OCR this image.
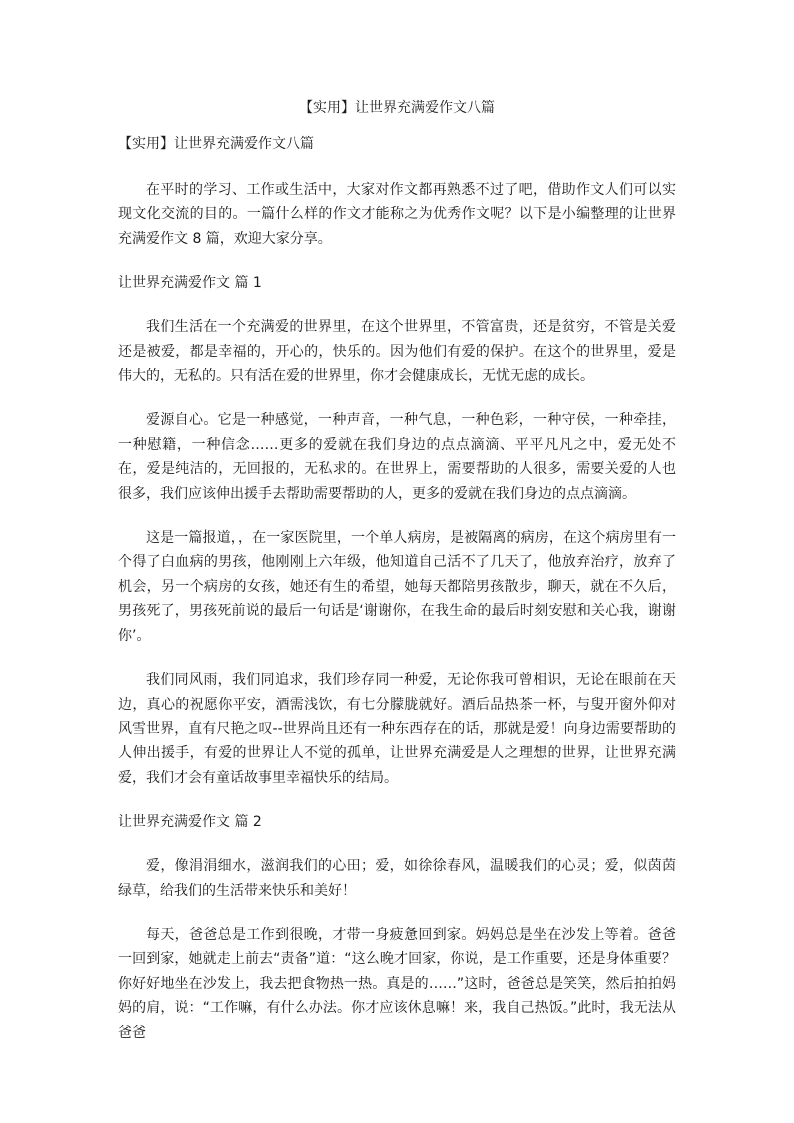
【实用】让世界充满爱作文八篇
【实用】让世界充满爱作文八篇

在平时的学习、工作或生活中，大家对作文都再熟悉不过了吧，借助作文人们可以实现文化交流的目的。一篇什么样的作文才能称之为优秀作文呢？以下是小编整理的让世界充满爱作文 8 篇，欢迎大家分享。

让世界充满爱作文 篇 1

我们生活在一个充满爱的世界里，在这个世界里，不管富贵，还是贫穷，不管是关爱还是被爱，都是幸福的，开心的，快乐的。因为他们有爱的保护。在这个的世界里，爱是伟大的，无私的。只有活在爱的世界里，你才会健康成长，无忧无虑的成长。

爱源自心。它是一种感觉，一种声音，一种气息，一种色彩，一种守侯，一种牵挂，一种慰籍，一种信念……更多的爱就在我们身边的点点滴滴、平平凡凡之中，爱无处不在，爱是纯洁的，无回报的，无私求的。在世界上，需要帮助的人很多，需要关爱的人也很多，我们应该伸出援手去帮助需要帮助的人，更多的爱就在我们身边的点点滴滴。

这是一篇报道，，在一家医院里，一个单人病房，是被隔离的病房，在这个病房里有一个得了白血病的男孩，他刚刚上六年级，他知道自己活不了几天了，他放弃治疗，放弃了机会，另一个病房的女孩，她还有生的希望，她每天都陪男孩散步，聊天，就在不久后，男孩死了，男孩死前说的最后一句话是‘谢谢你，在我生命的最后时刻安慰和关心我，谢谢你’。

我们同风雨，我们同追求，我们珍存同一种爱，无论你我可曾相识，无论在眼前在天边，真心的祝愿你平安，酒需浅饮，有七分朦胧就好。酒后品热茶一杯，与叟开窗外仰对风雪世界，直有尺艳之叹--世界尚且还有一种东西存在的话，那就是爱！向身边需要帮助的人伸出援手，有爱的世界让人不觉的孤单，让世界充满爱是人之理想的世界，让世界充满爱，我们才会有童话故事里幸福快乐的结局。

让世界充满爱作文 篇 2

爱，像涓涓细水，滋润我们的心田；爱，如徐徐春风，温暖我们的心灵；爱，似茵茵绿草，给我们的生活带来快乐和美好！

每天，爸爸总是工作到很晚，才带一身疲惫回到家。妈妈总是坐在沙发上等着。爸爸一回到家，她就走上前去“责备”道：“这么晚才回家，你说，是工作重要，还是身体重要？你好好地坐在沙发上，我去把食物热一热。真是的……”这时，爸爸总是笑笑，然后拍拍妈妈的肩，说：“工作嘛，有什么办法。你才应该休息嘛！来，我自己热饭。”此时，我无法从爸爸
